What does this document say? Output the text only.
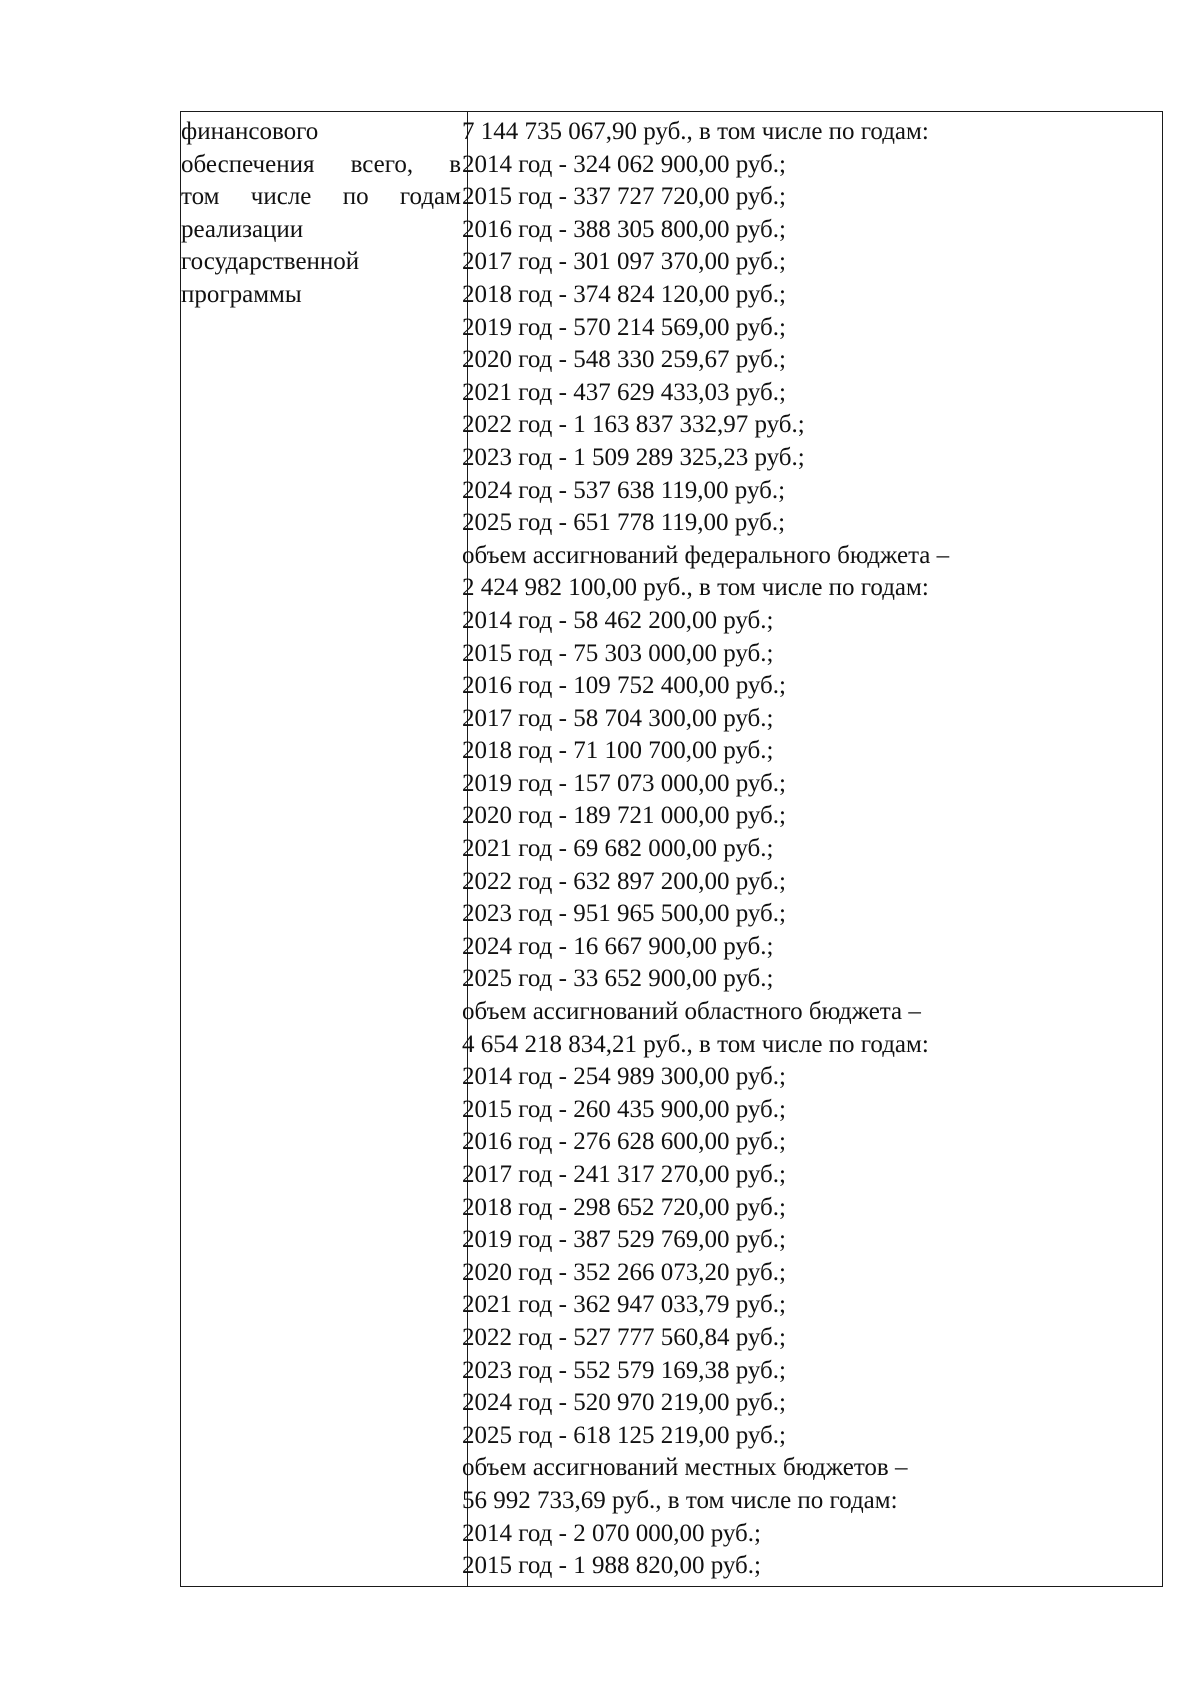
финансового
обеспечения всего, в
том числе по годам
реализации
государственной
программы
7 144 735 067,90 руб., в том числе по годам:
2014 год - 324 062 900,00 руб.;
2015 год - 337 727 720,00 руб.;
2016 год - 388 305 800,00 руб.;
2017 год - 301 097 370,00 руб.;
2018 год - 374 824 120,00 руб.;
2019 год - 570 214 569,00 руб.;
2020 год - 548 330 259,67 руб.;
2021 год - 437 629 433,03 руб.;
2022 год - 1 163 837 332,97 руб.;
2023 год - 1 509 289 325,23 руб.;
2024 год - 537 638 119,00 руб.;
2025 год - 651 778 119,00 руб.;
объем ассигнований федерального бюджета –
2 424 982 100,00 руб., в том числе по годам:
2014 год - 58 462 200,00 руб.;
2015 год - 75 303 000,00 руб.;
2016 год - 109 752 400,00 руб.;
2017 год - 58 704 300,00 руб.;
2018 год - 71 100 700,00 руб.;
2019 год - 157 073 000,00 руб.;
2020 год - 189 721 000,00 руб.;
2021 год - 69 682 000,00 руб.;
2022 год - 632 897 200,00 руб.;
2023 год - 951 965 500,00 руб.;
2024 год - 16 667 900,00 руб.;
2025 год - 33 652 900,00 руб.;
объем ассигнований областного бюджета –
4 654 218 834,21 руб., в том числе по годам:
2014 год - 254 989 300,00 руб.;
2015 год - 260 435 900,00 руб.;
2016 год - 276 628 600,00 руб.;
2017 год - 241 317 270,00 руб.;
2018 год - 298 652 720,00 руб.;
2019 год - 387 529 769,00 руб.;
2020 год - 352 266 073,20 руб.;
2021 год - 362 947 033,79 руб.;
2022 год - 527 777 560,84 руб.;
2023 год - 552 579 169,38 руб.;
2024 год - 520 970 219,00 руб.;
2025 год - 618 125 219,00 руб.;
объем ассигнований местных бюджетов –
56 992 733,69 руб., в том числе по годам:
2014 год - 2 070 000,00 руб.;
2015 год - 1 988 820,00 руб.;
